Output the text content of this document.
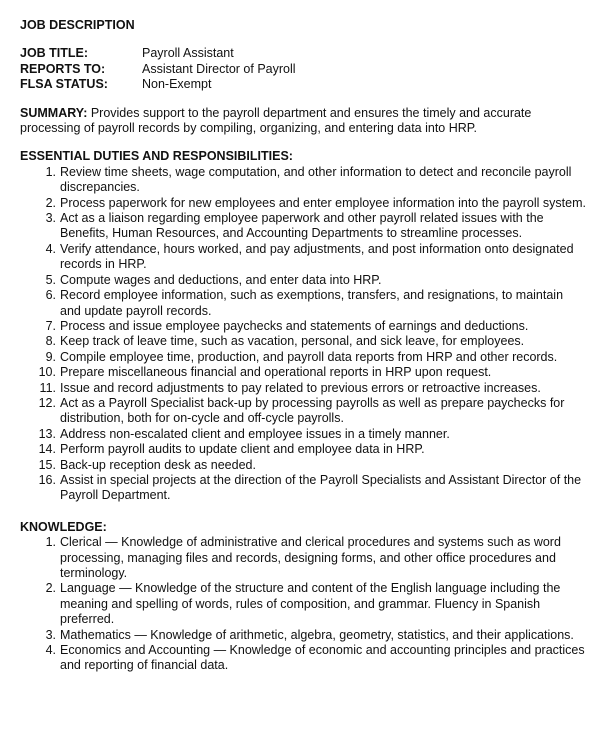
JOB DESCRIPTION
JOB TITLE:	Payroll Assistant
REPORTS TO:	Assistant Director of Payroll
FLSA STATUS:	Non-Exempt
SUMMARY: Provides support to the payroll department and ensures the timely and accurate processing of payroll records by compiling, organizing, and entering data into HRP.
ESSENTIAL DUTIES AND RESPONSIBILITIES:
1. Review time sheets, wage computation, and other information to detect and reconcile payroll discrepancies.
2. Process paperwork for new employees and enter employee information into the payroll system.
3. Act as a liaison regarding employee paperwork and other payroll related issues with the Benefits, Human Resources, and Accounting Departments to streamline processes.
4. Verify attendance, hours worked, and pay adjustments, and post information onto designated records in HRP.
5. Compute wages and deductions, and enter data into HRP.
6. Record employee information, such as exemptions, transfers, and resignations, to maintain and update payroll records.
7. Process and issue employee paychecks and statements of earnings and deductions.
8. Keep track of leave time, such as vacation, personal, and sick leave, for employees.
9. Compile employee time, production, and payroll data reports from HRP and other records.
10. Prepare miscellaneous financial and operational reports in HRP upon request.
11. Issue and record adjustments to pay related to previous errors or retroactive increases.
12. Act as a Payroll Specialist back-up by processing payrolls as well as prepare paychecks for distribution, both for on-cycle and off-cycle payrolls.
13. Address non-escalated client and employee issues in a timely manner.
14. Perform payroll audits to update client and employee data in HRP.
15. Back-up reception desk as needed.
16. Assist in special projects at the direction of the Payroll Specialists and Assistant Director of the Payroll Department.
KNOWLEDGE:
1. Clerical — Knowledge of administrative and clerical procedures and systems such as word processing, managing files and records, designing forms, and other office procedures and terminology.
2. Language — Knowledge of the structure and content of the English language including the meaning and spelling of words, rules of composition, and grammar. Fluency in Spanish preferred.
3. Mathematics — Knowledge of arithmetic, algebra, geometry, statistics, and their applications.
4. Economics and Accounting — Knowledge of economic and accounting principles and practices and reporting of financial data.
